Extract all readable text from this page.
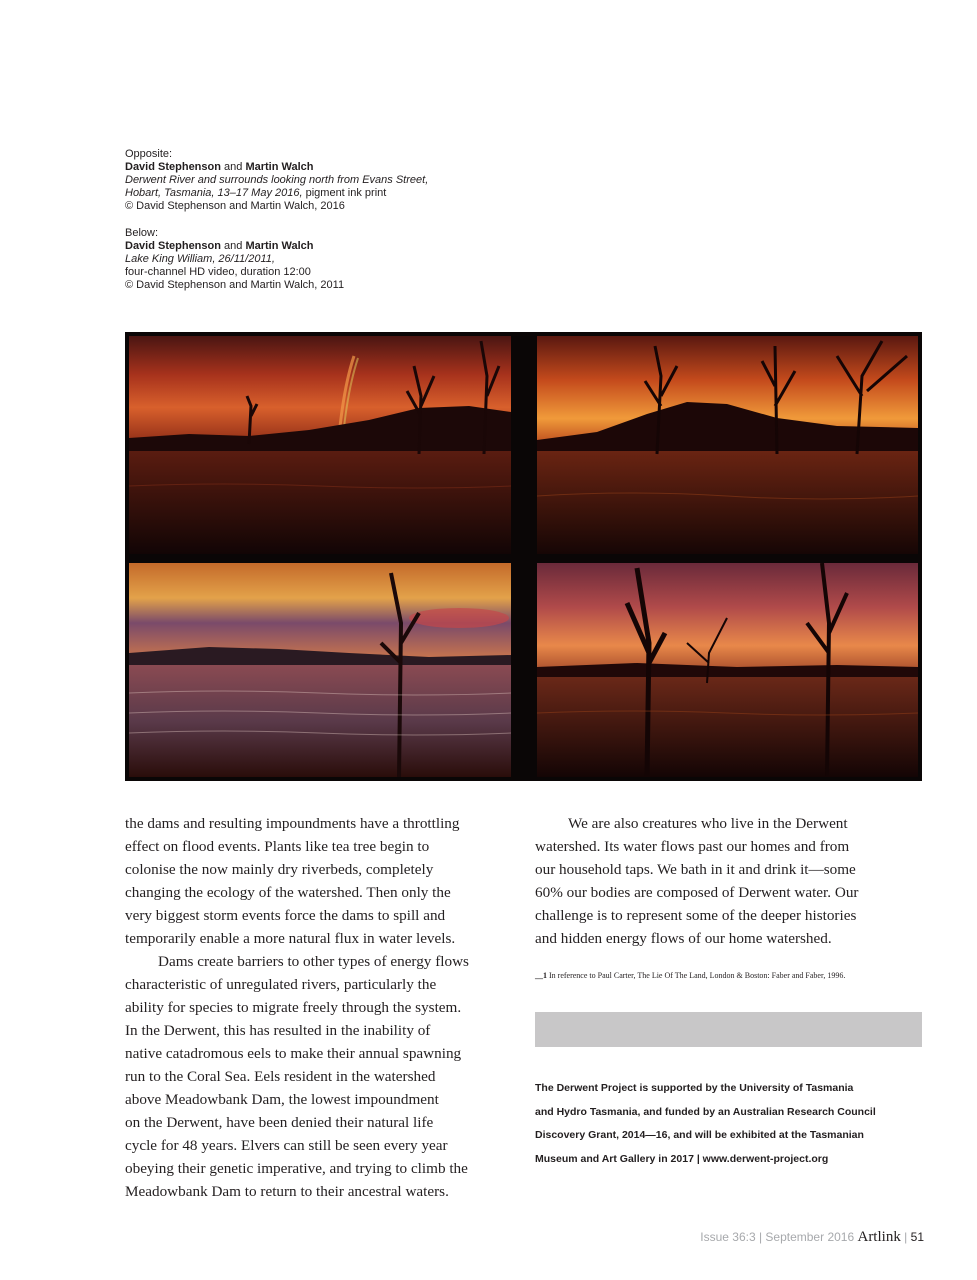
Opposite:
David Stephenson and Martin Walch
Derwent River and surrounds looking north from Evans Street,
Hobart, Tasmania, 13–17 May 2016, pigment ink print
© David Stephenson and Martin Walch, 2016
Below:
David Stephenson and Martin Walch
Lake King William, 26/11/2011,
four-channel HD video, duration 12:00
© David Stephenson and Martin Walch, 2011

the dams and resulting impoundments have a throttling
effect on flood events. Plants like tea tree begin to
colonise the now mainly dry riverbeds, completely
changing the ecology of the watershed. Then only the
very biggest storm events force the dams to spill and
temporarily enable a more natural flux in water levels.

Dams create barriers to other types of energy flows
characteristic of unregulated rivers, particularly the
ability for species to migrate freely through the system.
In the Derwent, this has resulted in the inability of
native catadromous eels to make their annual spawning
run to the Coral Sea. Eels resident in the watershed
above Meadowbank Dam, the lowest impoundment
on the Derwent, have been denied their natural life
cycle for 48 years. Elvers can still be seen every year
obeying their genetic imperative, and trying to climb the
Meadowbank Dam to return to their ancestral waters.

We are also creatures who live in the Derwent
watershed. Its water flows past our homes and from
our household taps. We bath in it and drink it—some
60% our bodies are composed of Derwent water. Our
challenge is to represent some of the deeper histories
and hidden energy flows of our home watershed.

__1 In reference to Paul Carter, The Lie Of The Land, London & Boston: Faber and Faber, 1996.
The Derwent Project is supported by the University of Tasmania
and Hydro Tasmania, and funded by an Australian Research Council
Discovery Grant, 2014—16, and will be exhibited at the Tasmanian
Museum and Art Gallery in 2017 | www.derwent-project.org
Issue 36:3 | September 2016 Artlink | 51
